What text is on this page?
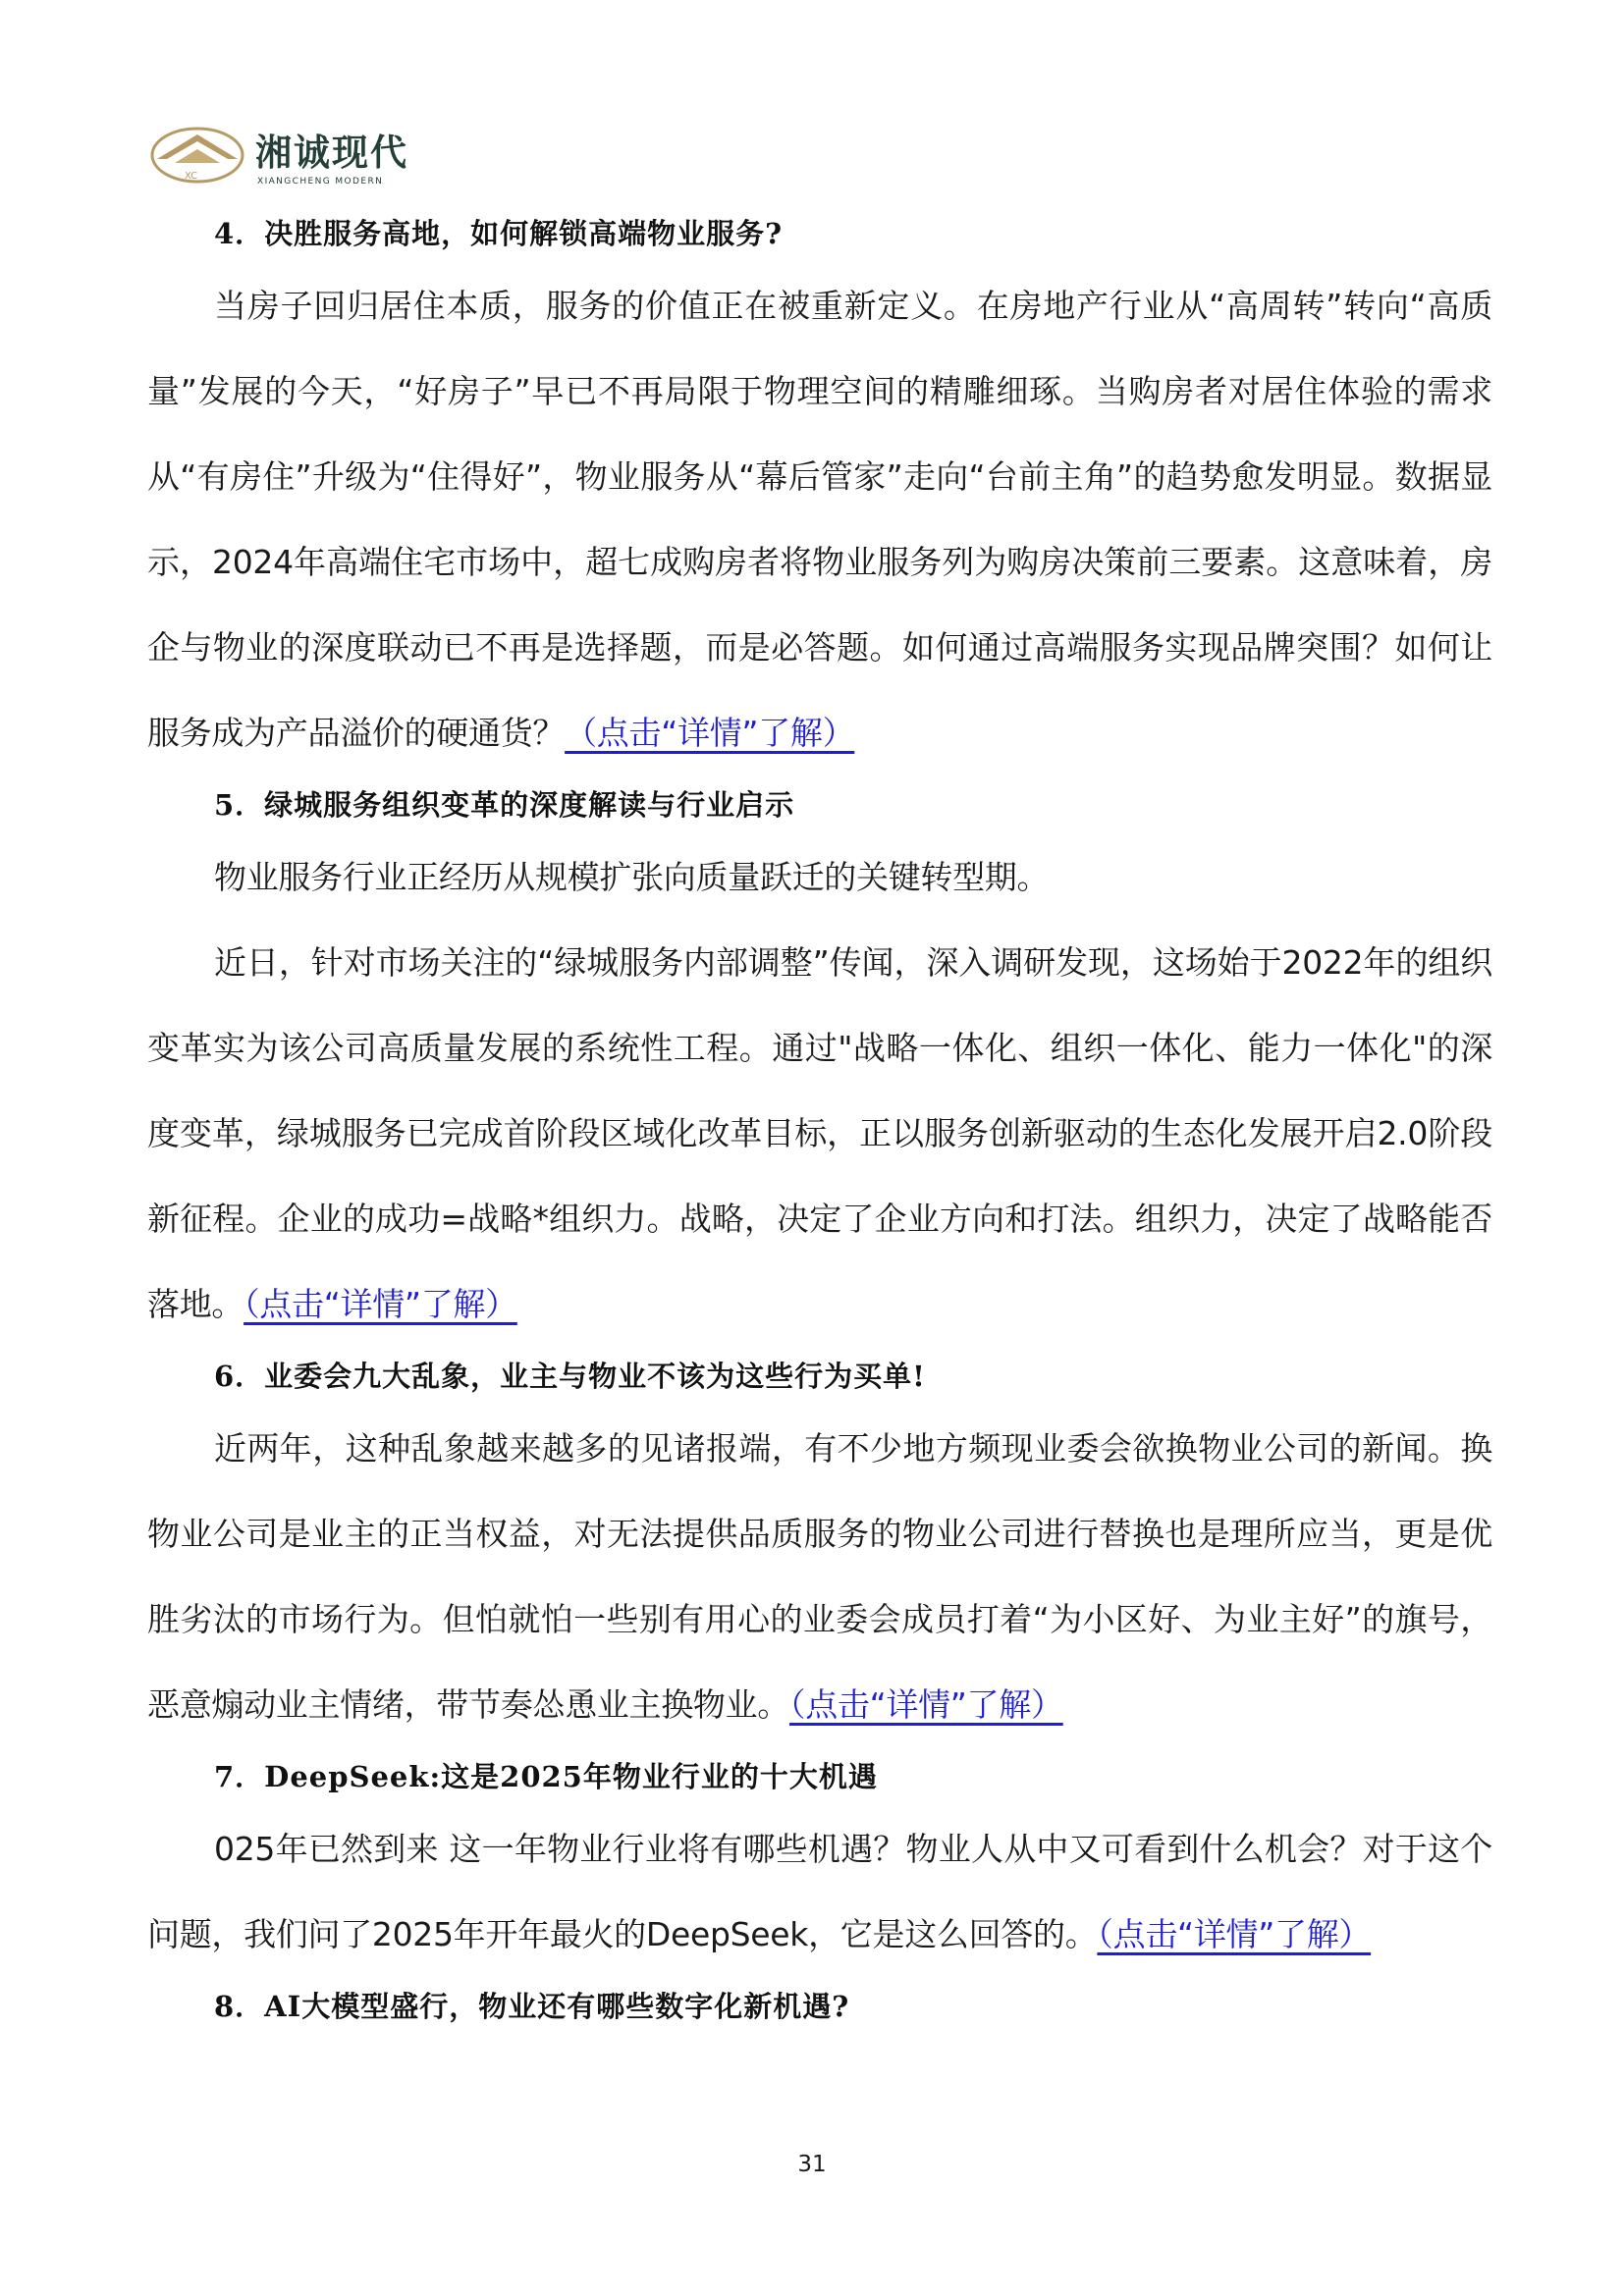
XC
湘诚现代
XIANGCHENG MODERN
4．决胜服务高地，如何解锁高端物业服务?

当房子回归居住本质，服务的价值正在被重新定义。在房地产行业从“高周转”转向“高质量”发展的今天，“好房子”早已不再局限于物理空间的精雕细琢。当购房者对居住体验的需求从“有房住”升级为“住得好”，物业服务从“幕后管家”走向“台前主角”的趋势愈发明显。数据显示，2024年高端住宅市场中，超七成购房者将物业服务列为购房决策前三要素。这意味着，房企与物业的深度联动已不再是选择题，而是必答题。如何通过高端服务实现品牌突围？如何让服务成为产品溢价的硬通货？（点击“详情”了解）

5．绿城服务组织变革的深度解读与行业启示

物业服务行业正经历从规模扩张向质量跃迁的关键转型期。

近日，针对市场关注的“绿城服务内部调整”传闻，深入调研发现，这场始于2022年的组织变革实为该公司高质量发展的系统性工程。通过"战略一体化、组织一体化、能力一体化"的深度变革，绿城服务已完成首阶段区域化改革目标，正以服务创新驱动的生态化发展开启2.0阶段新征程。企业的成功=战略*组织力。战略，决定了企业方向和打法。组织力，决定了战略能否落地。（点击“详情”了解）

6．业委会九大乱象，业主与物业不该为这些行为买单!

近两年，这种乱象越来越多的见诸报端，有不少地方频现业委会欲换物业公司的新闻。换物业公司是业主的正当权益，对无法提供品质服务的物业公司进行替换也是理所应当，更是优胜劣汰的市场行为。但怕就怕一些别有用心的业委会成员打着“为小区好、为业主好”的旗号，恶意煽动业主情绪，带节奏怂恿业主换物业。（点击“详情”了解）

7．DeepSeek:这是2025年物业行业的十大机遇

025年已然到来 这一年物业行业将有哪些机遇？物业人从中又可看到什么机会？对于这个问题，我们问了2025年开年最火的DeepSeek，它是这么回答的。（点击“详情”了解）

8．AI大模型盛行，物业还有哪些数字化新机遇?
31
